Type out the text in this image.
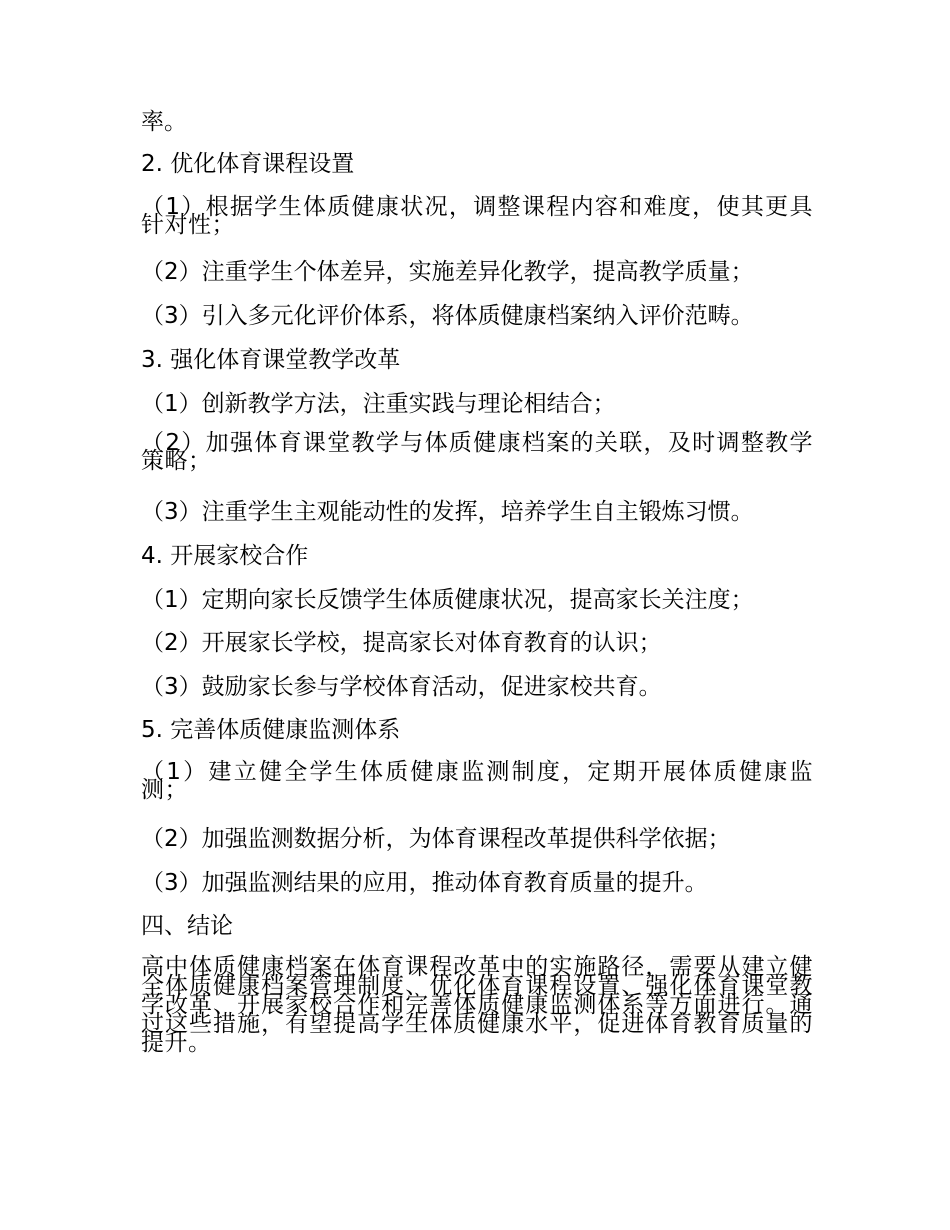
率。
2. 优化体育课程设置
（1）根据学生体质健康状况，调整课程内容和难度，使其更具针对性；
（2）注重学生个体差异，实施差异化教学，提高教学质量；
（3）引入多元化评价体系，将体质健康档案纳入评价范畴。
3. 强化体育课堂教学改革
（1）创新教学方法，注重实践与理论相结合；
（2）加强体育课堂教学与体质健康档案的关联，及时调整教学策略；
（3）注重学生主观能动性的发挥，培养学生自主锻炼习惯。
4. 开展家校合作
（1）定期向家长反馈学生体质健康状况，提高家长关注度；
（2）开展家长学校，提高家长对体育教育的认识；
（3）鼓励家长参与学校体育活动，促进家校共育。
5. 完善体质健康监测体系
（1）建立健全学生体质健康监测制度，定期开展体质健康监测；
（2）加强监测数据分析，为体育课程改革提供科学依据；
（3）加强监测结果的应用，推动体育教育质量的提升。
四、结论
高中体质健康档案在体育课程改革中的实施路径，需要从建立健全体质健康档案管理制度、优化体育课程设置、强化体育课堂教学改革、开展家校合作和完善体质健康监测体系等方面进行。通过这些措施，有望提高学生体质健康水平，促进体育教育质量的提升。
